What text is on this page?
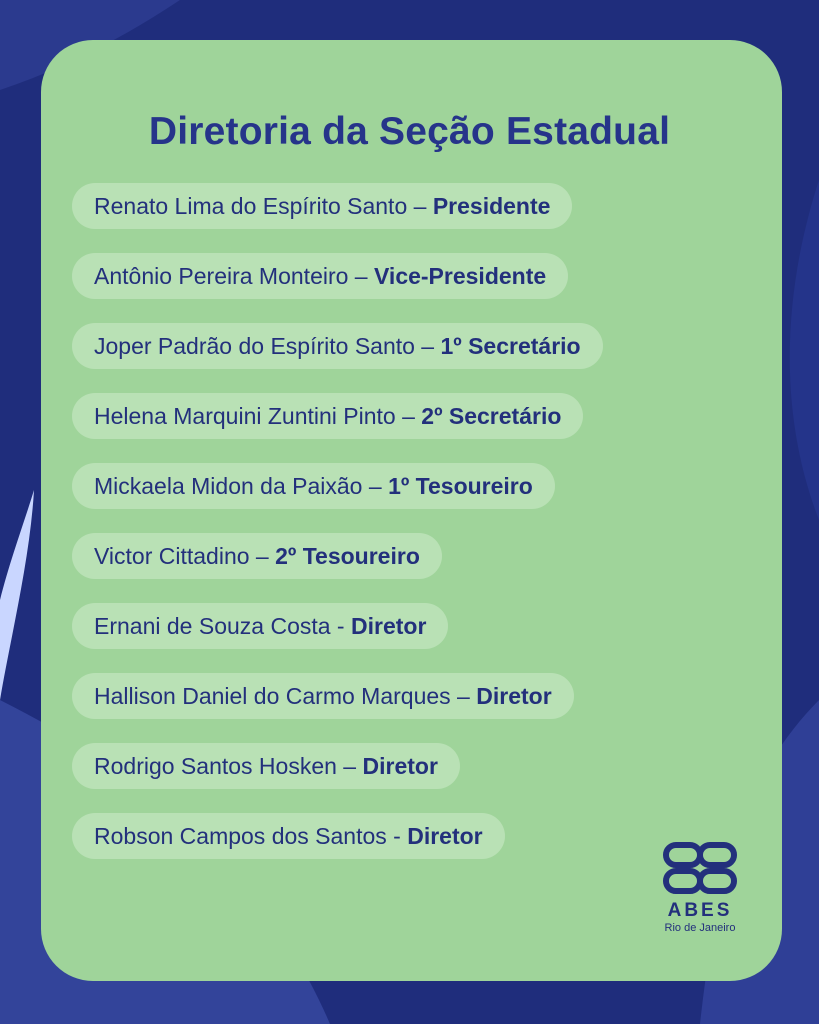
Diretoria da Seção Estadual
Renato Lima do Espírito Santo – Presidente
Antônio Pereira Monteiro – Vice-Presidente
Joper Padrão do Espírito Santo – 1º Secretário
Helena Marquini Zuntini Pinto – 2º Secretário
Mickaela Midon da Paixão – 1º Tesoureiro
Victor Cittadino – 2º Tesoureiro
Ernani de Souza Costa - Diretor
Hallison Daniel do Carmo Marques – Diretor
Rodrigo Santos Hosken – Diretor
Robson Campos dos Santos - Diretor
ABES
Rio de Janeiro
